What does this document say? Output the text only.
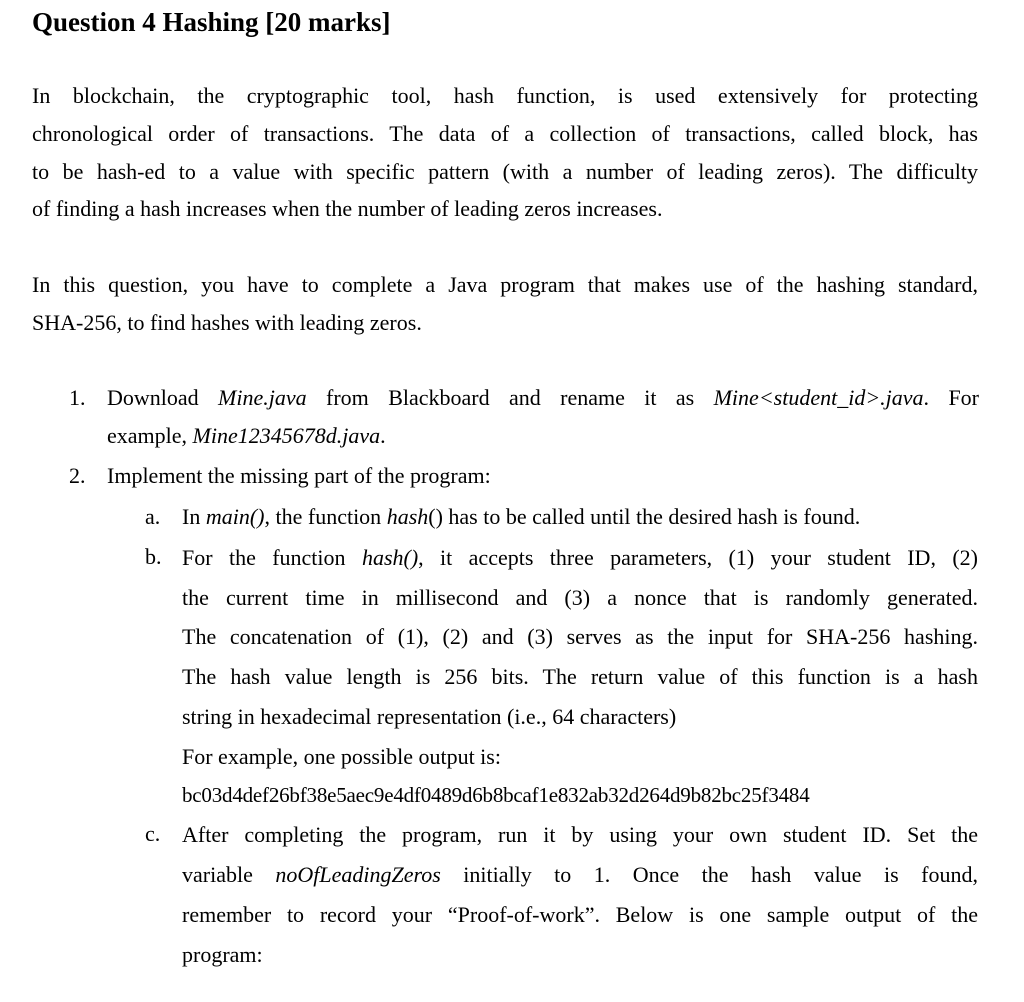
Question 4 Hashing [20 marks]
In blockchain, the cryptographic tool, hash function, is used extensively for protecting
chronological order of transactions. The data of a collection of transactions, called block, has
to be hash-ed to a value with specific pattern (with a number of leading zeros). The difficulty
of finding a hash increases when the number of leading zeros increases.
In this question, you have to complete a Java program that makes use of the hashing standard,
SHA-256, to find hashes with leading zeros.
1. Download Mine.java from Blackboard and rename it as Mine<student_id>.java. For
example, Mine12345678d.java.
2. Implement the missing part of the program:
a. In main(), the function hash() has to be called until the desired hash is found.
b. For the function hash(), it accepts three parameters, (1) your student ID, (2)
the current time in millisecond and (3) a nonce that is randomly generated.
The concatenation of (1), (2) and (3) serves as the input for SHA-256 hashing.
The hash value length is 256 bits. The return value of this function is a hash
string in hexadecimal representation (i.e., 64 characters)
For example, one possible output is:
bc03d4def26bf38e5aec9e4df0489d6b8bcaf1e832ab32d264d9b82bc25f3484
c. After completing the program, run it by using your own student ID. Set the
variable noOfLeadingZeros initially to 1. Once the hash value is found,
remember to record your “Proof-of-work”. Below is one sample output of the
program:
